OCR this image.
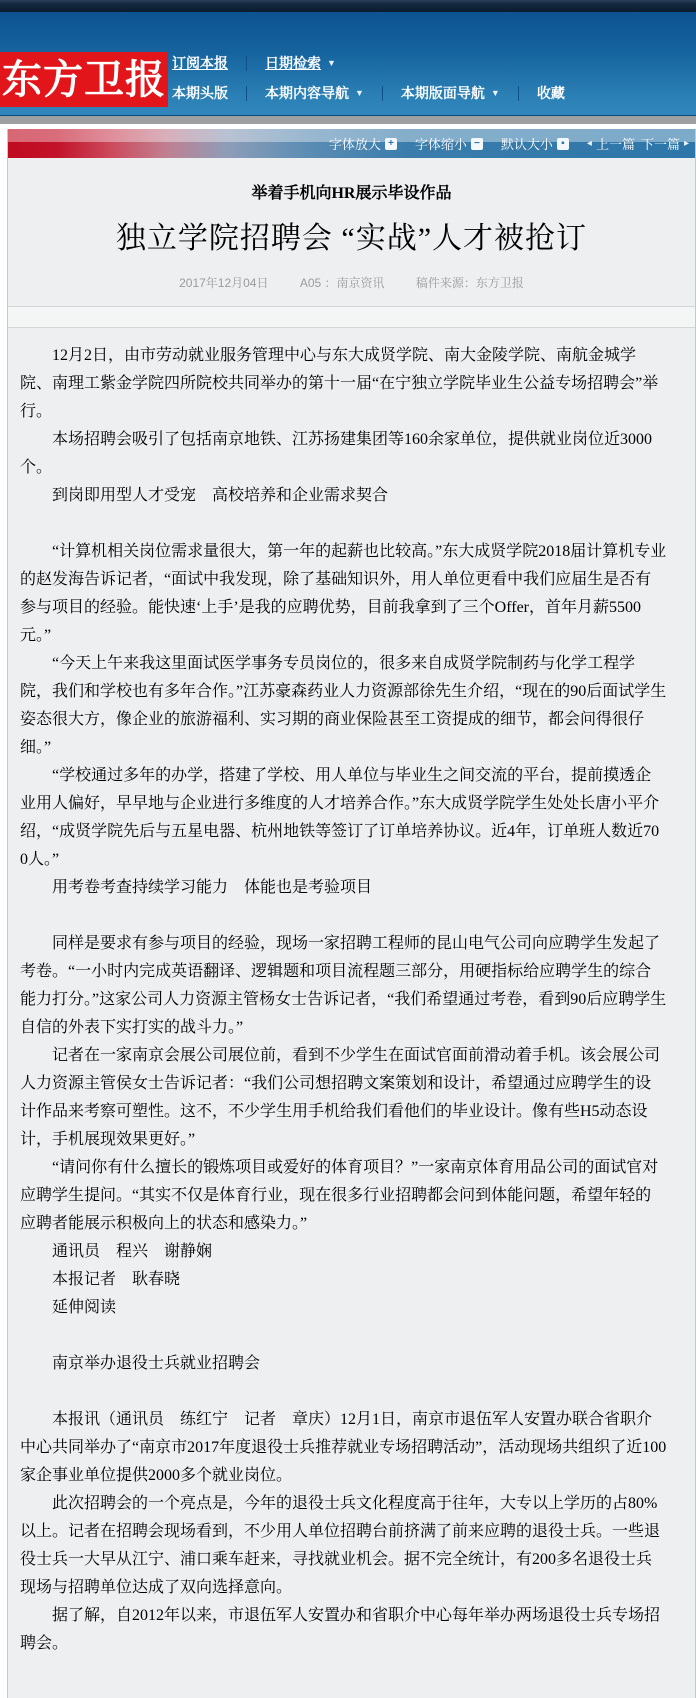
东方卫报 订阅本报	日期检索 ▼
本期头版	本期内容导航 ▼	本期版面导航 ▼	收藏
字体放大 + 字体缩小 − 默认大小 ▪	◂ 上一篇 下一篇 ▸
举着手机向HR展示毕设作品
独立学院招聘会 “实战”人才被抢订
2017年12月04日	A05 ：南京资讯	稿件来源：东方卫报

12月2日，由市劳动就业服务管理中心与东大成贤学院、南大金陵学院、南航金城学院、南理工紫金学院四所院校共同举办的第十一届“在宁独立学院毕业生公益专场招聘会”举行。

本场招聘会吸引了包括南京地铁、江苏扬建集团等160余家单位，提供就业岗位近3000个。

到岗即用型人才受宠　高校培养和企业需求契合

“计算机相关岗位需求量很大，第一年的起薪也比较高。”东大成贤学院2018届计算机专业的赵发海告诉记者，“面试中我发现，除了基础知识外，用人单位更看中我们应届生是否有参与项目的经验。能快速‘上手’是我的应聘优势，目前我拿到了三个Offer，首年月薪5500元。”

“今天上午来我这里面试医学事务专员岗位的，很多来自成贤学院制药与化学工程学院，我们和学校也有多年合作。”江苏豪森药业人力资源部徐先生介绍，“现在的90后面试学生姿态很大方，像企业的旅游福利、实习期的商业保险甚至工资提成的细节，都会问得很仔细。”

“学校通过多年的办学，搭建了学校、用人单位与毕业生之间交流的平台，提前摸透企业用人偏好，早早地与企业进行多维度的人才培养合作。”东大成贤学院学生处处长唐小平介绍，“成贤学院先后与五星电器、杭州地铁等签订了订单培养协议。近4年，订单班人数近700人。”

用考卷考查持续学习能力　体能也是考验项目

同样是要求有参与项目的经验，现场一家招聘工程师的昆山电气公司向应聘学生发起了考卷。“一小时内完成英语翻译、逻辑题和项目流程题三部分，用硬指标给应聘学生的综合能力打分。”这家公司人力资源主管杨女士告诉记者，“我们希望通过考卷，看到90后应聘学生自信的外表下实打实的战斗力。”

记者在一家南京会展公司展位前，看到不少学生在面试官面前滑动着手机。该会展公司人力资源主管侯女士告诉记者：“我们公司想招聘文案策划和设计，希望通过应聘学生的设计作品来考察可塑性。这不，不少学生用手机给我们看他们的毕业设计。像有些H5动态设计，手机展现效果更好。”

“请问你有什么擅长的锻炼项目或爱好的体育项目？”一家南京体育用品公司的面试官对应聘学生提问。“其实不仅是体育行业，现在很多行业招聘都会问到体能问题，希望年轻的应聘者能展示积极向上的状态和感染力。”

通讯员　程兴　谢静娴

本报记者　耿春晓

延伸阅读

南京举办退役士兵就业招聘会

本报讯（通讯员　练红宁　记者　章庆）12月1日，南京市退伍军人安置办联合省职介中心共同举办了“南京市2017年度退役士兵推荐就业专场招聘活动”，活动现场共组织了近100家企事业单位提供2000多个就业岗位。

此次招聘会的一个亮点是，今年的退役士兵文化程度高于往年，大专以上学历的占80%以上。记者在招聘会现场看到，不少用人单位招聘台前挤满了前来应聘的退役士兵。一些退役士兵一大早从江宁、浦口乘车赶来，寻找就业机会。据不完全统计，有200多名退役士兵现场与招聘单位达成了双向选择意向。

据了解，自2012年以来，市退伍军人安置办和省职介中心每年举办两场退役士兵专场招聘会。
